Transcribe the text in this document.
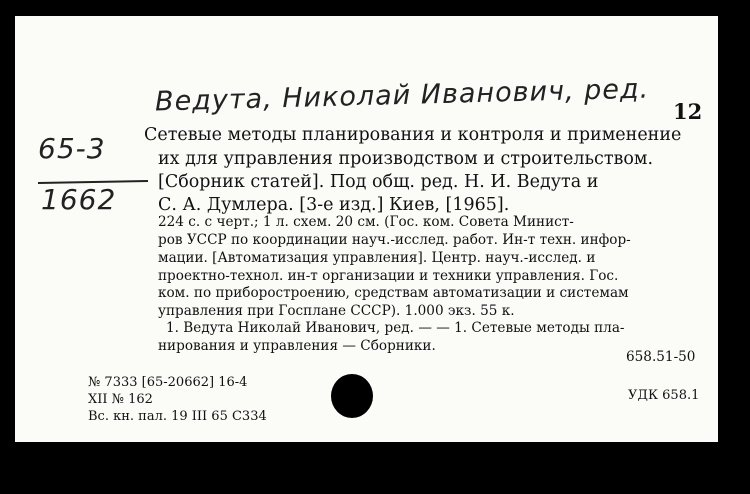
Ведута, Николай Иванович, ред. 12
65-3
1662
Сетевые методы планирования и контроля и применение
их для управления производством и строительством.
[Сборник статей]. Под общ. ред. Н. И. Ведута и
С. А. Думлера. [3-е изд.] Киев, [1965].
224 с. с черт.; 1 л. схем. 20 см. (Гос. ком. Совета Минист-
ров УССР по координации науч.-исслед. работ. Ин-т техн. инфор-
мации. [Автоматизация управления]. Центр. науч.-исслед. и
проектно-технол. ин-т организации и техники управления. Гос.
ком. по приборостроению, средствам автоматизации и системам
управления при Госплане СССР). 1.000 экз. 55 к.
1. Ведута Николай Иванович, ред. — — 1. Сетевые методы пла-
нирования и управления — Сборники.
658.51-50
№ 7333 [65-20662] 16-4
XII № 162
Вс. кн. пал. 19 III 65 С334
УДК 658.1
